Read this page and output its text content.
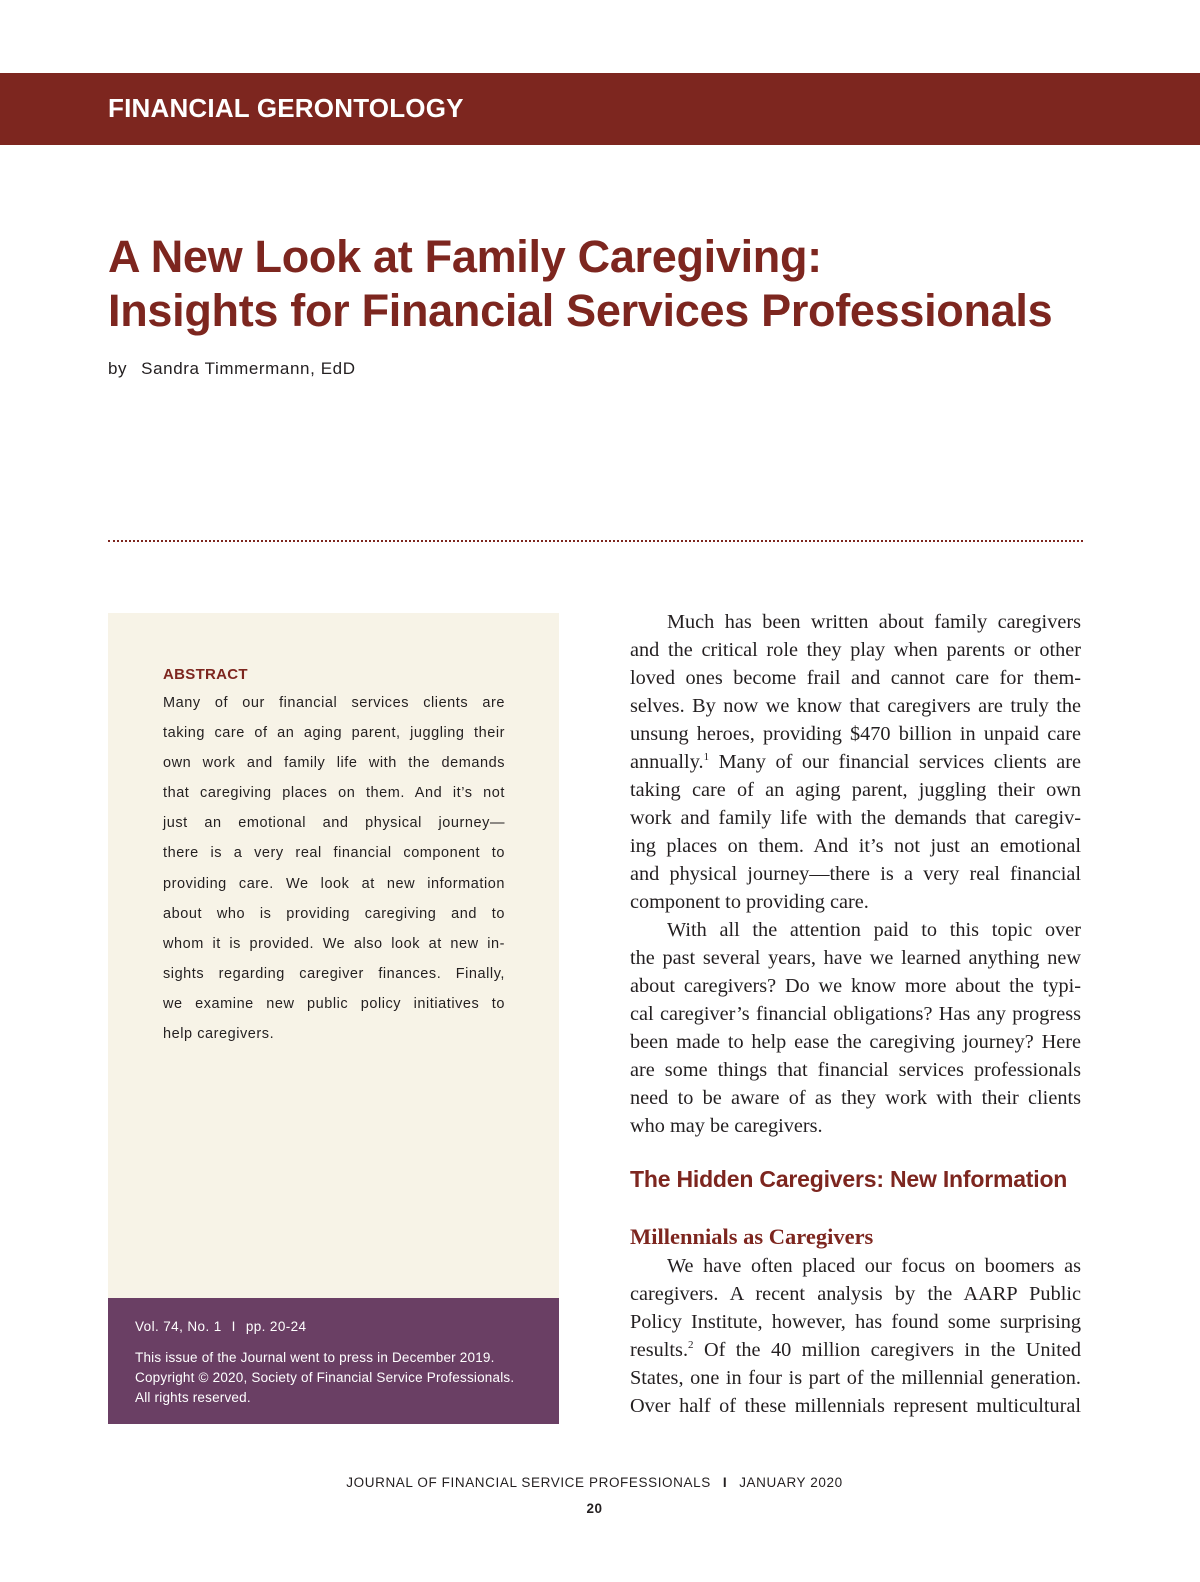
FINANCIAL GERONTOLOGY
A New Look at Family Caregiving:
Insights for Financial Services Professionals
by Sandra Timmermann, EdD
ABSTRACT
Many of our financial services clients are
taking care of an aging parent, juggling their
own work and family life with the demands
that caregiving places on them. And it’s not
just an emotional and physical journey—
there is a very real financial component to
providing care. We look at new information
about who is providing caregiving and to
whom it is provided. We also look at new in-
sights regarding caregiver finances. Finally,
we examine new public policy initiatives to
help caregivers.
Vol. 74, No. 1 I pp. 20-24
This issue of the Journal went to press in December 2019.
Copyright © 2020, Society of Financial Service Professionals.
All rights reserved.
Much has been written about family caregivers
and the critical role they play when parents or other
loved ones become frail and cannot care for them-
selves. By now we know that caregivers are truly the
unsung heroes, providing $470 billion in unpaid care
annually.$^1$ Many of our financial services clients are
taking care of an aging parent, juggling their own
work and family life with the demands that caregiv-
ing places on them. And it’s not just an emotional
and physical journey—there is a very real financial
component to providing care.
With all the attention paid to this topic over
the past several years, have we learned anything new
about caregivers? Do we know more about the typi-
cal caregiver’s financial obligations? Has any progress
been made to help ease the caregiving journey? Here
are some things that financial services professionals
need to be aware of as they work with their clients
who may be caregivers.
The Hidden Caregivers: New Information
Millennials as Caregivers
We have often placed our focus on boomers as
caregivers. A recent analysis by the AARP Public
Policy Institute, however, has found some surprising
results.$^2$ Of the 40 million caregivers in the United
States, one in four is part of the millennial generation.
Over half of these millennials represent multicultural
JOURNAL OF FINANCIAL SERVICE PROFESSIONALS I JANUARY 2020
20
